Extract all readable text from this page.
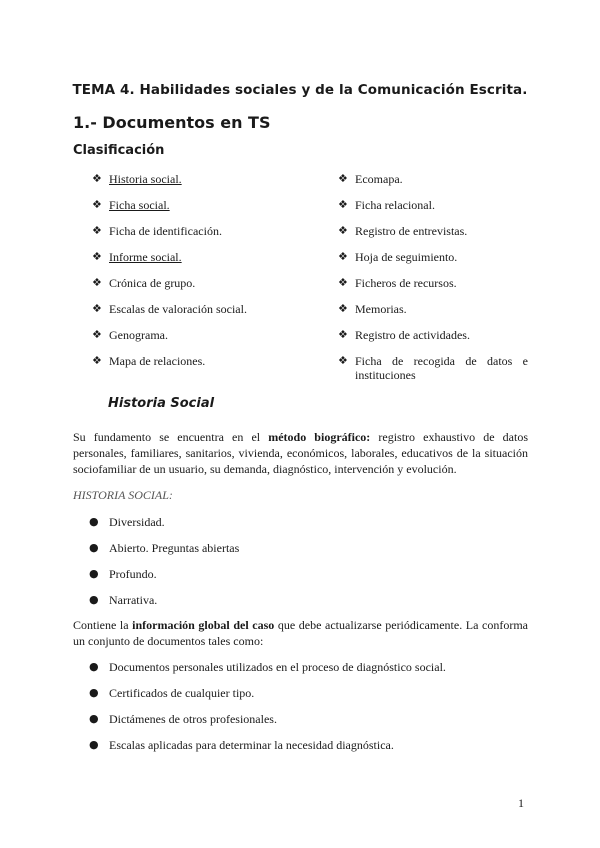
TEMA 4. Habilidades sociales y de la Comunicación Escrita.
1.- Documentos en TS
Clasificación
❖ Historia social.
❖ Ficha social.
❖ Ficha de identificación.
❖ Informe social.
❖ Crónica de grupo.
❖ Escalas de valoración social.
❖ Genograma.
❖ Mapa de relaciones.
❖ Ecomapa.
❖ Ficha relacional.
❖ Registro de entrevistas.
❖ Hoja de seguimiento.
❖ Ficheros de recursos.
❖ Memorias.
❖ Registro de actividades.
❖ Ficha de recogida de datos e
instituciones
Historia Social

Su fundamento se encuentra en el método biográfico: registro exhaustivo de datos personales, familiares, sanitarios, vivienda, económicos, laborales, educativos de la situación sociofamiliar de un usuario, su demanda, diagnóstico, intervención y evolución.

HISTORIA SOCIAL:
● Diversidad.
● Abierto. Preguntas abiertas
● Profundo.
● Narrativa.

Contiene la información global del caso que debe actualizarse periódicamente. La conforma un conjunto de documentos tales como:

● Documentos personales utilizados en el proceso de diagnóstico social.
● Certificados de cualquier tipo.
● Dictámenes de otros profesionales.
● Escalas aplicadas para determinar la necesidad diagnóstica.
1
